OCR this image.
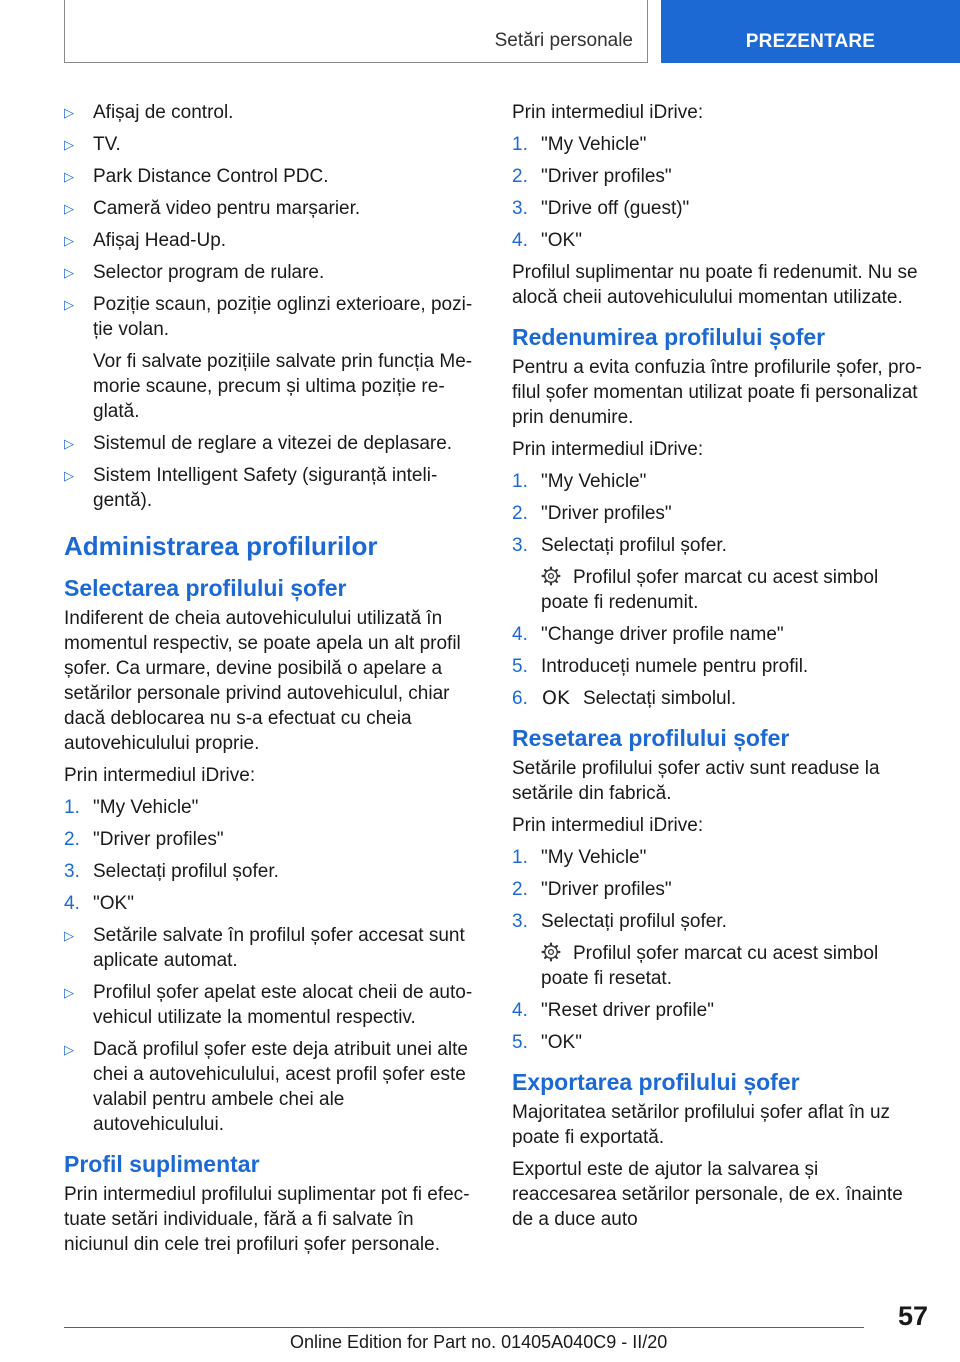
Setări personale	PREZENTARE
▷ Afișaj de control.
▷ TV.
▷ Park Distance Control PDC.
▷ Cameră video pentru marșarier.
▷ Afișaj Head-Up.
▷ Selector program de rulare.
▷ Poziție scaun, poziție oglinzi exterioare, poziție volan.
Vor fi salvate pozițiile salvate prin funcția Memorie scaune, precum și ultima poziție reglată.
▷ Sistemul de reglare a vitezei de deplasare.
▷ Sistem Intelligent Safety (siguranță inteligentă).
Administrarea profilurilor
Selectarea profilului șofer

Indiferent de cheia autovehiculului utilizată în momentul respectiv, se poate apela un alt profil șofer. Ca urmare, devine posibilă o apelare a setărilor personale privind autovehiculul, chiar dacă deblocarea nu s-a efectuat cu cheia autovehiculului proprie.

Prin intermediul iDrive:

1. "My Vehicle"
2. "Driver profiles"
3. Selectați profilul șofer.
4. "OK"
▷ Setările salvate în profilul șofer accesat sunt aplicate automat.
▷ Profilul șofer apelat este alocat cheii de autovehicul utilizate la momentul respectiv.
▷ Dacă profilul șofer este deja atribuit unei alte chei a autovehiculului, acest profil șofer este valabil pentru ambele chei ale autovehiculului.
Profil suplimentar

Prin intermediul profilului suplimentar pot fi efectuate setări individuale, fără a fi salvate în niciunul din cele trei profiluri șofer personale.

Prin intermediul iDrive:

1. "My Vehicle"
2. "Driver profiles"
3. "Drive off (guest)"
4. "OK"

Profilul suplimentar nu poate fi redenumit. Nu se alocă cheii autovehiculului momentan utilizate.

Redenumirea profilului șofer

Pentru a evita confuzia între profilurile șofer, profilul șofer momentan utilizat poate fi personalizat prin denumire.

Prin intermediul iDrive:

1. "My Vehicle"
2. "Driver profiles"
3. Selectați profilul șofer.
Profilul șofer marcat cu acest simbol poate fi redenumit.
4. "Change driver profile name"
5. Introduceți numele pentru profil.
6. OK Selectați simbolul.
Resetarea profilului șofer

Setările profilului șofer activ sunt readuse la setările din fabrică.

Prin intermediul iDrive:

1. "My Vehicle"
2. "Driver profiles"
3. Selectați profilul șofer.
Profilul șofer marcat cu acest simbol poate fi resetat.
4. "Reset driver profile"
5. "OK"
Exportarea profilului șofer

Majoritatea setărilor profilului șofer aflat în uz poate fi exportată.

Exportul este de ajutor la salvarea și reaccesarea setărilor personale, de ex. înainte de a duce auto

57
Online Edition for Part no. 01405A040C9 - II/20
